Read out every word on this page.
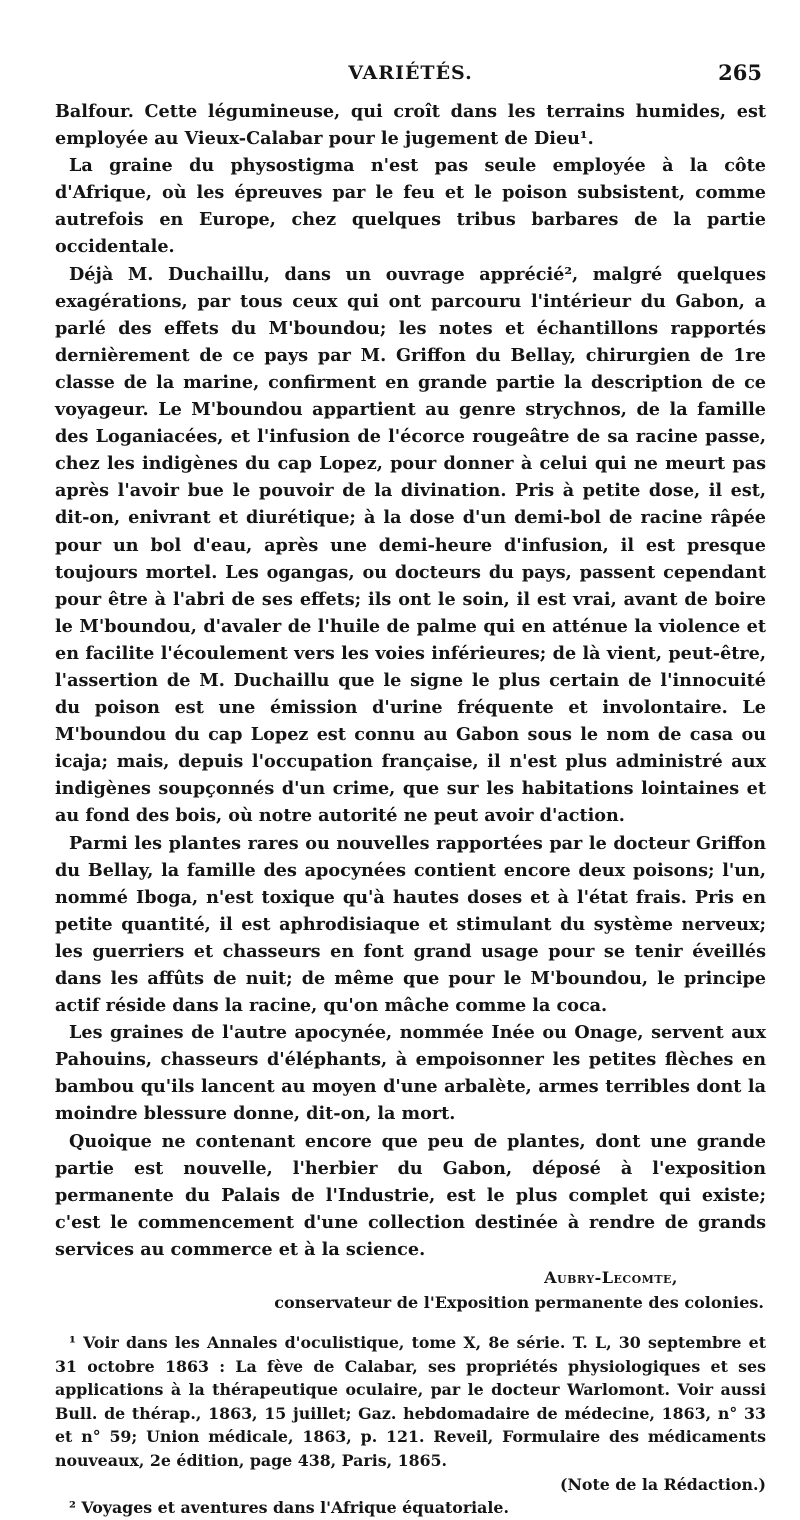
VARIÉTÉS.	265

Balfour. Cette légumineuse, qui croît dans les terrains humides, est employée au Vieux-Calabar pour le jugement de Dieu¹.

La graine du physostigma n'est pas seule employée à la côte d'Afrique, où les épreuves par le feu et le poison subsistent, comme autrefois en Europe, chez quelques tribus barbares de la partie occidentale.

Déjà M. Duchaillu, dans un ouvrage apprécié², malgré quelques exagérations, par tous ceux qui ont parcouru l'intérieur du Gabon, a parlé des effets du M'boundou; les notes et échantillons rapportés dernièrement de ce pays par M. Griffon du Bellay, chirurgien de 1re classe de la marine, confirment en grande partie la description de ce voyageur. Le M'boundou appartient au genre strychnos, de la famille des Loganiacées, et l'infusion de l'écorce rougeâtre de sa racine passe, chez les indigènes du cap Lopez, pour donner à celui qui ne meurt pas après l'avoir bue le pouvoir de la divination. Pris à petite dose, il est, dit-on, enivrant et diurétique; à la dose d'un demi-bol de racine râpée pour un bol d'eau, après une demi-heure d'infusion, il est presque toujours mortel. Les ogangas, ou docteurs du pays, passent cependant pour être à l'abri de ses effets; ils ont le soin, il est vrai, avant de boire le M'boundou, d'avaler de l'huile de palme qui en atténue la violence et en facilite l'écoulement vers les voies inférieures; de là vient, peut-être, l'assertion de M. Duchaillu que le signe le plus certain de l'innocuité du poison est une émission d'urine fréquente et involontaire. Le M'boundou du cap Lopez est connu au Gabon sous le nom de casa ou icaja; mais, depuis l'occupation française, il n'est plus administré aux indigènes soupçonnés d'un crime, que sur les habitations lointaines et au fond des bois, où notre autorité ne peut avoir d'action.

Parmi les plantes rares ou nouvelles rapportées par le docteur Griffon du Bellay, la famille des apocynées contient encore deux poisons; l'un, nommé Iboga, n'est toxique qu'à hautes doses et à l'état frais. Pris en petite quantité, il est aphrodisiaque et stimulant du système nerveux; les guerriers et chasseurs en font grand usage pour se tenir éveillés dans les affûts de nuit; de même que pour le M'boundou, le principe actif réside dans la racine, qu'on mâche comme la coca.

Les graines de l'autre apocynée, nommée Inée ou Onage, servent aux Pahouins, chasseurs d'éléphants, à empoisonner les petites flèches en bambou qu'ils lancent au moyen d'une arbalète, armes terribles dont la moindre blessure donne, dit-on, la mort.

Quoique ne contenant encore que peu de plantes, dont une grande partie est nouvelle, l'herbier du Gabon, déposé à l'exposition permanente du Palais de l'Industrie, est le plus complet qui existe; c'est le commencement d'une collection destinée à rendre de grands services au commerce et à la science.

Aubry-Lecomte,
conservateur de l'Exposition permanente des colonies.

¹ Voir dans les Annales d'oculistique, tome X, 8e série. T. L, 30 septembre et 31 octobre 1863 : La fève de Calabar, ses propriétés physiologiques et ses applications à la thérapeutique oculaire, par le docteur Warlomont. Voir aussi Bull. de thérap., 1863, 15 juillet; Gaz. hebdomadaire de médecine, 1863, n° 33 et n° 59; Union médicale, 1863, p. 121. Reveil, Formulaire des médicaments nouveaux, 2e édition, page 438, Paris, 1865.
(Note de la Rédaction.)

² Voyages et aventures dans l'Afrique équatoriale.
